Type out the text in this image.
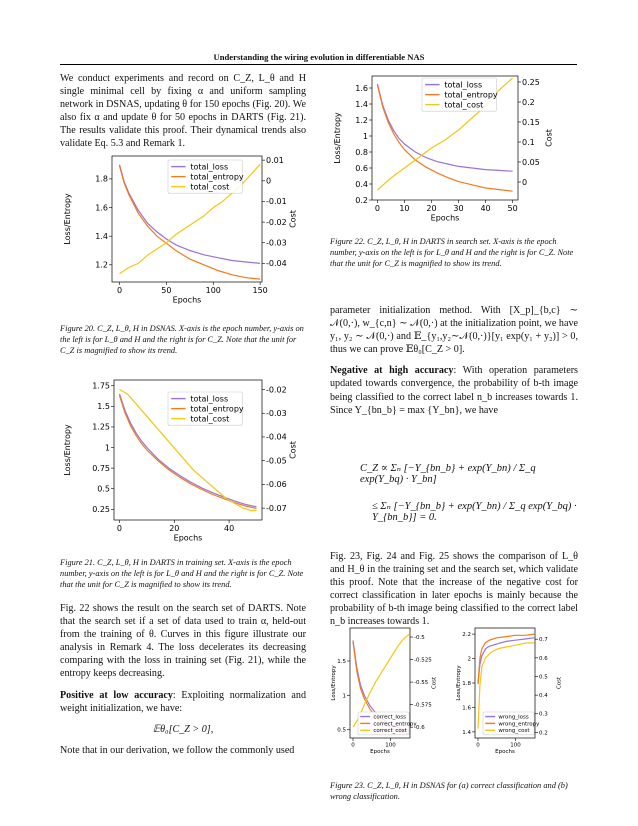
Understanding the wiring evolution in differentiable NAS

We conduct experiments and record on C_Z, L_θ and H single minimal cell by fixing α and uniform sampling network in DSNAS, updating θ for 150 epochs (Fig. 20). We also fix α and update θ for 50 epochs in DARTS (Fig. 21). The results validate this proof. Their dynamical trends also validate Eq. 5.3 and Remark 1.

0	50	100	150
1.2
1.4
1.6
1.8
0.01
0
-0.01
-0.02
-0.03
-0.04
Epochs
Loss/Entropy	Cost
total_loss
total_entropy
total_cost
Figure 20. C_Z, L_θ, H in DSNAS. X-axis is the epoch number, y-axis on the left is for L_θ and H and the right is for C_Z. Note that the unit for C_Z is magnified to show its trend.
0	20	40
0.25
0.5
0.75
1
1.25
1.5
1.75	-0.02
-0.03
-0.04
-0.05
-0.06
-0.07
Epochs
Loss/Entropy	Cost
total_loss
total_entropy
total_cost
Figure 21. C_Z, L_θ, H in DARTS in training set. X-axis is the epoch number, y-axis on the left is for L_θ and H and the right is for C_Z. Note that the unit for C_Z is magnified to show its trend.

Fig. 22 shows the result on the search set of DARTS. Note that the search set if a set of data used to train α, held-out from the training of θ. Curves in this figure illustrate our analysis in Remark 4. The loss decelerates its decreasing comparing with the loss in training set (Fig. 21), while the entropy keeps decreasing.

Positive at low accuracy: Exploiting normalization and weight initialization, we have:

𝔼θ₀[C_Z > 0],

Note that in our derivation, we follow the commonly used

0 10 20 30 40 50
0.2
0.4
0.6
0.8
1
1.2
1.4
1.6
0.25
0.2
0.15
0.1
0.05
0
Epochs
Loss/Entropy	Cost
total_loss
total_entropy
total_cost
Figure 22. C_Z, L_θ, H in DARTS in search set. X-axis is the epoch number, y-axis on the left is for L_θ and H and the right is for C_Z. Note that the unit for C_Z is magnified to show its trend.

parameter initialization method. With [X_p]_{b,c} ∼ 𝒩(0,·), w_{c,n} ∼ 𝒩(0,·) at the initialization point, we have y₁, y₂ ∼ 𝒩(0,·) and 𝔼_{y₁,y₂∼𝒩(0,·)}[y₁ exp(y₁ + y₂)] > 0, thus we can prove 𝔼θ₀[C_Z > 0].

Negative at high accuracy: With operation parameters updated towards convergence, the probability of b-th image being classified to the correct label n_b increases towards 1. Since Y_{bn_b} = max {Y_bn}, we have

C_Z ∝ Σₙ [−Y_{bn_b} + exp(Y_bn) / Σ_q exp(Y_bq) · Y_bn]
≤ Σₙ [−Y_{bn_b} + exp(Y_bn) / Σ_q exp(Y_bq) · Y_{bn_b}] = 0.

Fig. 23, Fig. 24 and Fig. 25 shows the comparison of L_θ and H_θ in the training set and the search set, which validate this proof. Note that the increase of the negative cost for correct classification in later epochs is mainly because the probability of b-th image being classified to the correct label n_b increases towards 1.

0	100
0.5
1
1.5
-0.5
-0.525
-0.55
-0.575
-0.6
Epochs
Loss/Entropy	Cost
correct_loss
correct_entropy
correct_cost
0	100
1.4
1.6
1.8
2
2.2
0.7
0.6
0.5
0.4
0.3
0.2
Epochs
Loss/Entropy	Cost
wrong_loss
wrong_entropy
wrong_cost
Figure 23. C_Z, L_θ, H in DSNAS for (a) correct classification and (b) wrong classification.
